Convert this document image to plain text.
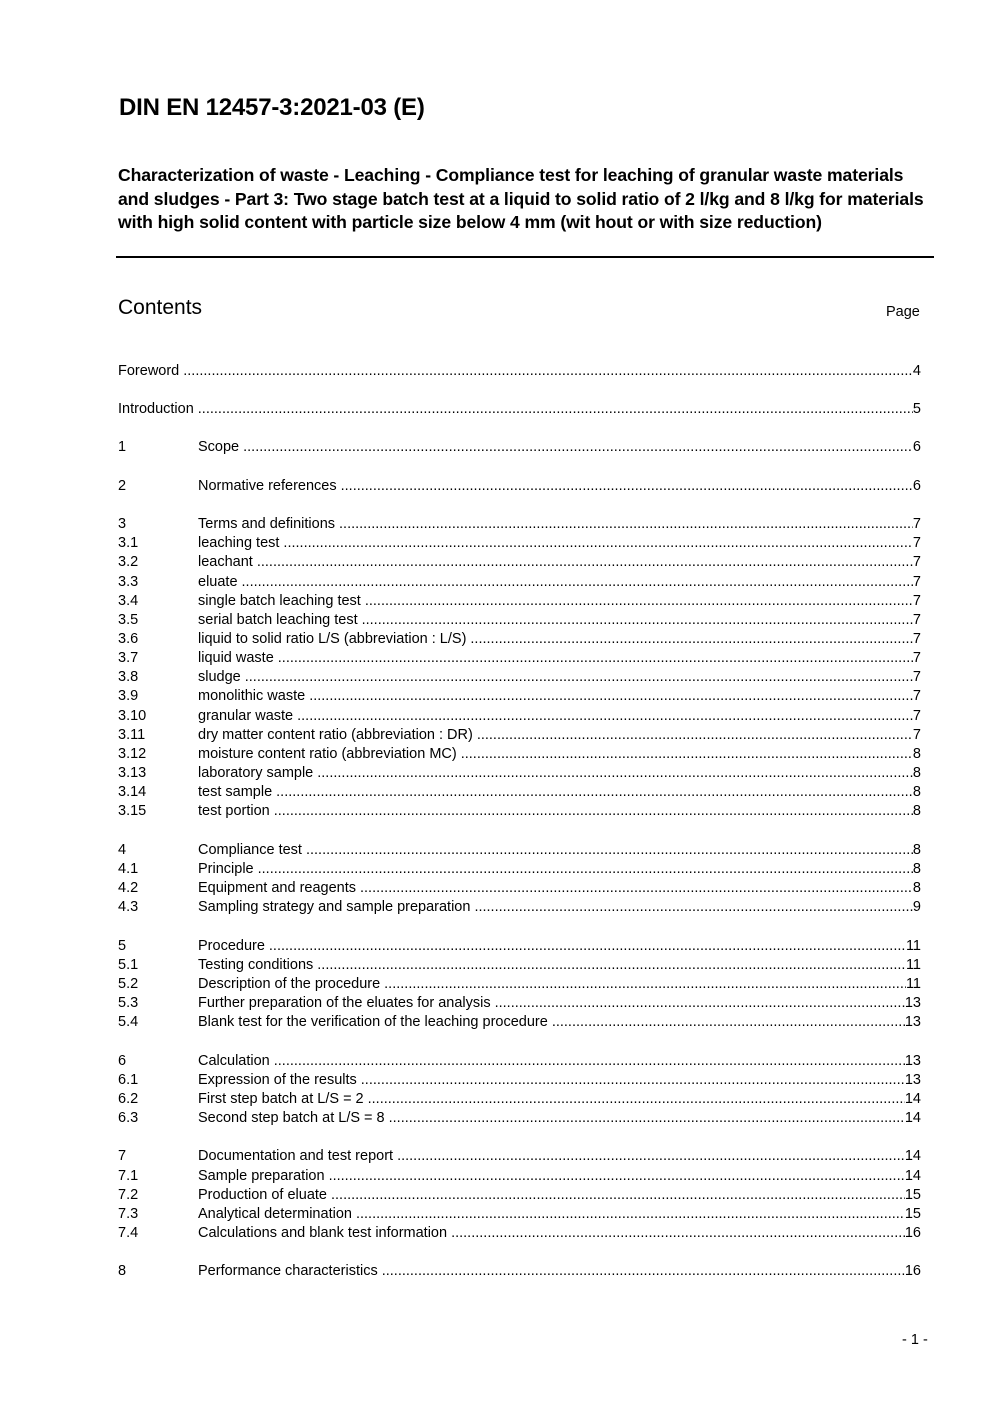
DIN EN 12457-3:2021-03 (E)
Characterization of waste - Leaching - Compliance test for leaching of granular waste materials and sludges - Part 3: Two stage batch test at a liquid to solid ratio of 2 l/kg and 8 l/kg for materials with high solid content with particle size below 4 mm (wit hout or with size reduction)
Contents	Page
Foreword .....	4
Introduction .....	5
1	Scope .....	6
2	Normative references .....	6
3	Terms and definitions .....	7
3.1	leaching test .....	7
3.2	leachant .....	7
3.3	eluate .....	7
3.4	single batch leaching test .....	7
3.5	serial batch leaching test .....	7
3.6	liquid to solid ratio L/S (abbreviation : L/S) .....	7
3.7	liquid waste .....	7
3.8	sludge .....	7
3.9	monolithic waste .....	7
3.10	granular waste .....	7
3.11	dry matter content ratio (abbreviation : DR) .....	7
3.12	moisture content ratio (abbreviation MC) .....	8
3.13	laboratory sample .....	8
3.14	test sample .....	8
3.15	test portion .....	8
4	Compliance test .....	8
4.1	Principle .....	8
4.2	Equipment and reagents .....	8
4.3	Sampling strategy and sample preparation .....	9
5	Procedure .....	11
5.1	Testing conditions .....	11
5.2	Description of the procedure .....	11
5.3	Further preparation of the eluates for analysis .....	13
5.4	Blank test for the verification of the leaching procedure .....	13
6	Calculation .....	13
6.1	Expression of the results .....	13
6.2	First step batch at L/S = 2 .....	14
6.3	Second step batch at L/S = 8 .....	14
7	Documentation and test report .....	14
7.1	Sample preparation .....	14
7.2	Production of eluate .....	15
7.3	Analytical determination .....	15
7.4	Calculations and blank test information .....	16
8	Performance characteristics .....	16
- 1 -
